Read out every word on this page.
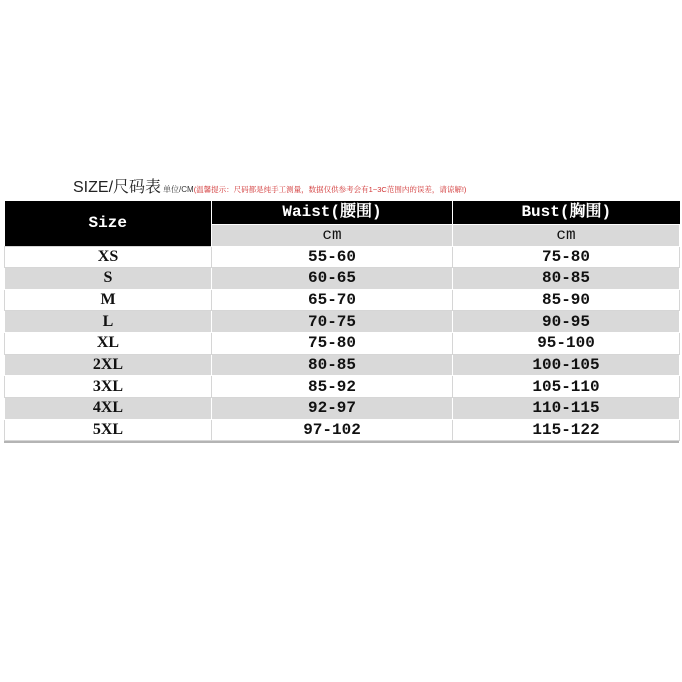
SIZE/尺码表 单位/CM (温馨提示：尺码都是纯手工测量，数据仅供参考会有1~3C范围内的误差，请谅解!)
Size	Waist(腰围)	Bust(胸围)
	cm	cm
XS	55-60	75-80
S	60-65	80-85
M	65-70	85-90
L	70-75	90-95
XL	75-80	95-100
2XL	80-85	100-105
3XL	85-92	105-110
4XL	92-97	110-115
5XL	97-102	115-122
